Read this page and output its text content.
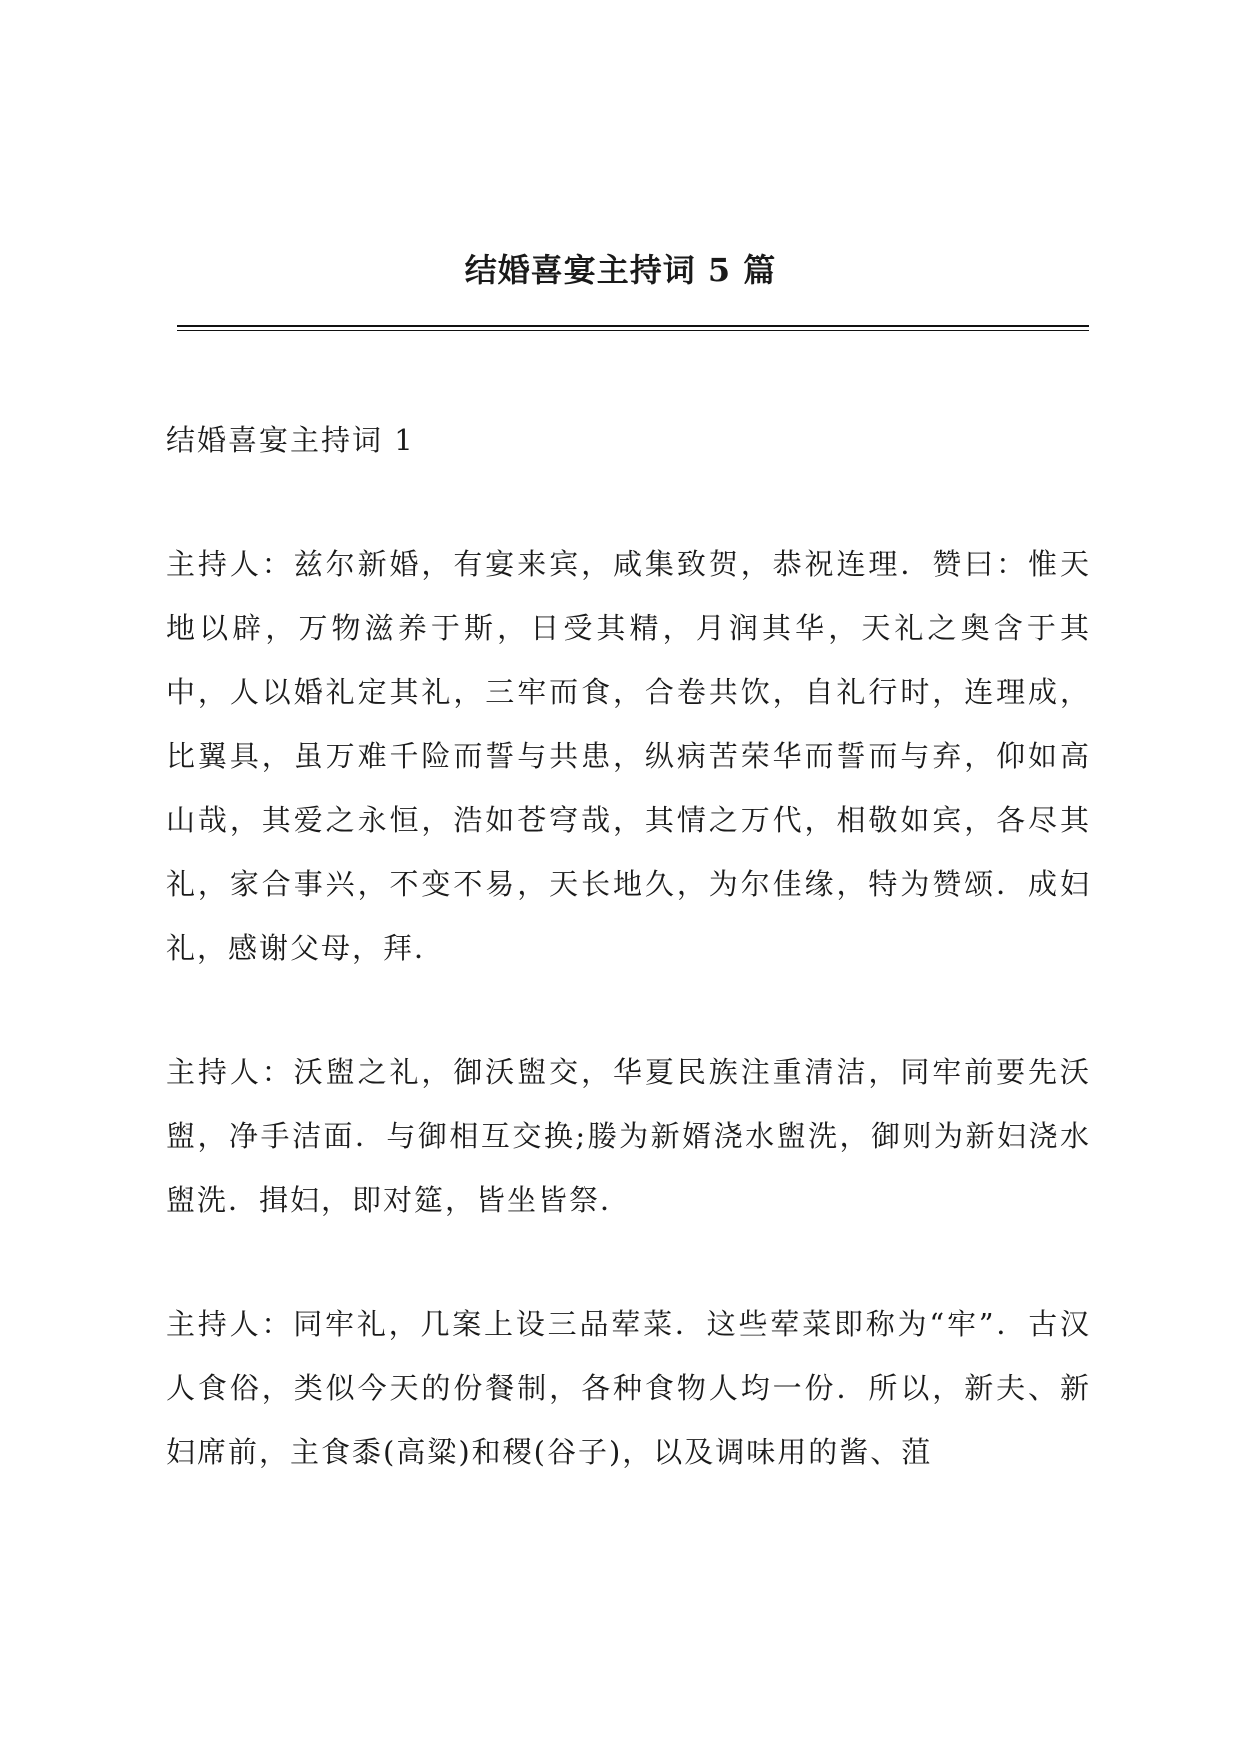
结婚喜宴主持词 5 篇

结婚喜宴主持词 1

主持人：兹尔新婚，有宴来宾，咸集致贺，恭祝连理．赞曰：惟天地以辟，万物滋养于斯，日受其精，月润其华，天礼之奥含于其中，人以婚礼定其礼，三牢而食，合卷共饮，自礼行时，连理成，比翼具，虽万难千险而誓与共患，纵病苦荣华而誓而与弃，仰如高山哉，其爱之永恒，浩如苍穹哉，其情之万代，相敬如宾，各尽其礼，家合事兴，不变不易，天长地久，为尔佳缘，特为赞颂．成妇礼，感谢父母，拜．

主持人：沃盥之礼，御沃盥交，华夏民族注重清洁，同牢前要先沃盥，净手洁面．与御相互交换;媵为新婿浇水盥洗，御则为新妇浇水盥洗．揖妇，即对筵，皆坐皆祭．

主持人：同牢礼，几案上设三品荤菜．这些荤菜即称为“牢”．古汉人食俗，类似今天的份餐制，各种食物人均一份．所以，新夫、新妇席前，主食黍(高粱)和稷(谷子)，以及调味用的酱、菹
